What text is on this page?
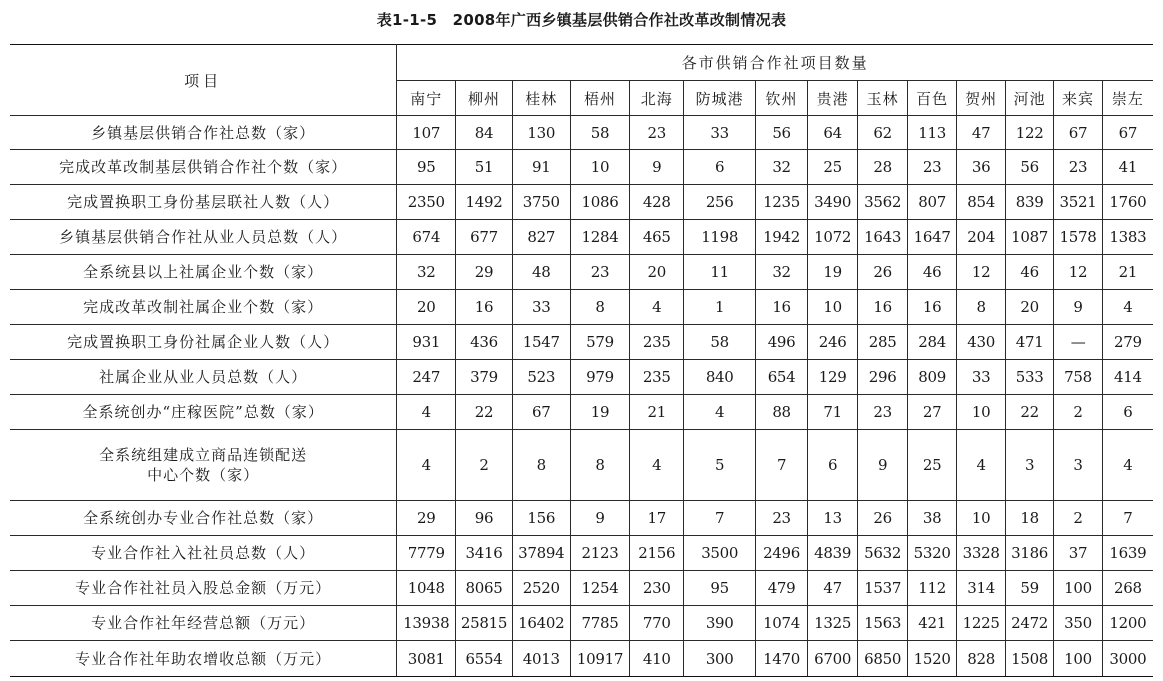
表1-1-5　2008年广西乡镇基层供销合作社改革改制情况表
项目	各市供销合作社项目数量													
	南宁	柳州	桂林	梧州	北海	防城港	钦州	贵港	玉林	百色	贺州	河池	来宾	崇左
乡镇基层供销合作社总数（家）	107	84	130	58	23	33	56	64	62	113	47	122	67	67
完成改革改制基层供销合作社个数（家）	95	51	91	10	9	6	32	25	28	23	36	56	23	41
完成置换职工身份基层联社人数（人）	2350	1492	3750	1086	428	256	1235	3490	3562	807	854	839	3521	1760
乡镇基层供销合作社从业人员总数（人）	674	677	827	1284	465	1198	1942	1072	1643	1647	204	1087	1578	1383
全系统县以上社属企业个数（家）	32	29	48	23	20	11	32	19	26	46	12	46	12	21
完成改革改制社属企业个数（家）	20	16	33	8	4	1	16	10	16	16	8	20	9	4
完成置换职工身份社属企业人数（人）	931	436	1547	579	235	58	496	246	285	284	430	471	—	279
社属企业从业人员总数（人）	247	379	523	979	235	840	654	129	296	809	33	533	758	414
全系统创办“庄稼医院”总数（家）	4	22	67	19	21	4	88	71	23	27	10	22	2	6

全系统组建成立商品连锁配送
中心个数（家）	4	2	8	8	4	5	7	6	9	25	4	3	3	4
全系统创办专业合作社总数（家）	29	96	156	9	17	7	23	13	26	38	10	18	2	7
专业合作社入社社员总数（人）	7779	3416	37894	2123	2156	3500	2496	4839	5632	5320	3328	3186	37	1639
专业合作社社员入股总金额（万元）	1048	8065	2520	1254	230	95	479	47	1537	112	314	59	100	268
专业合作社年经营总额（万元）	13938	25815	16402	7785	770	390	1074	1325	1563	421	1225	2472	350	1200
专业合作社年助农增收总额（万元）	3081	6554	4013	10917	410	300	1470	6700	6850	1520	828	1508	100	3000
